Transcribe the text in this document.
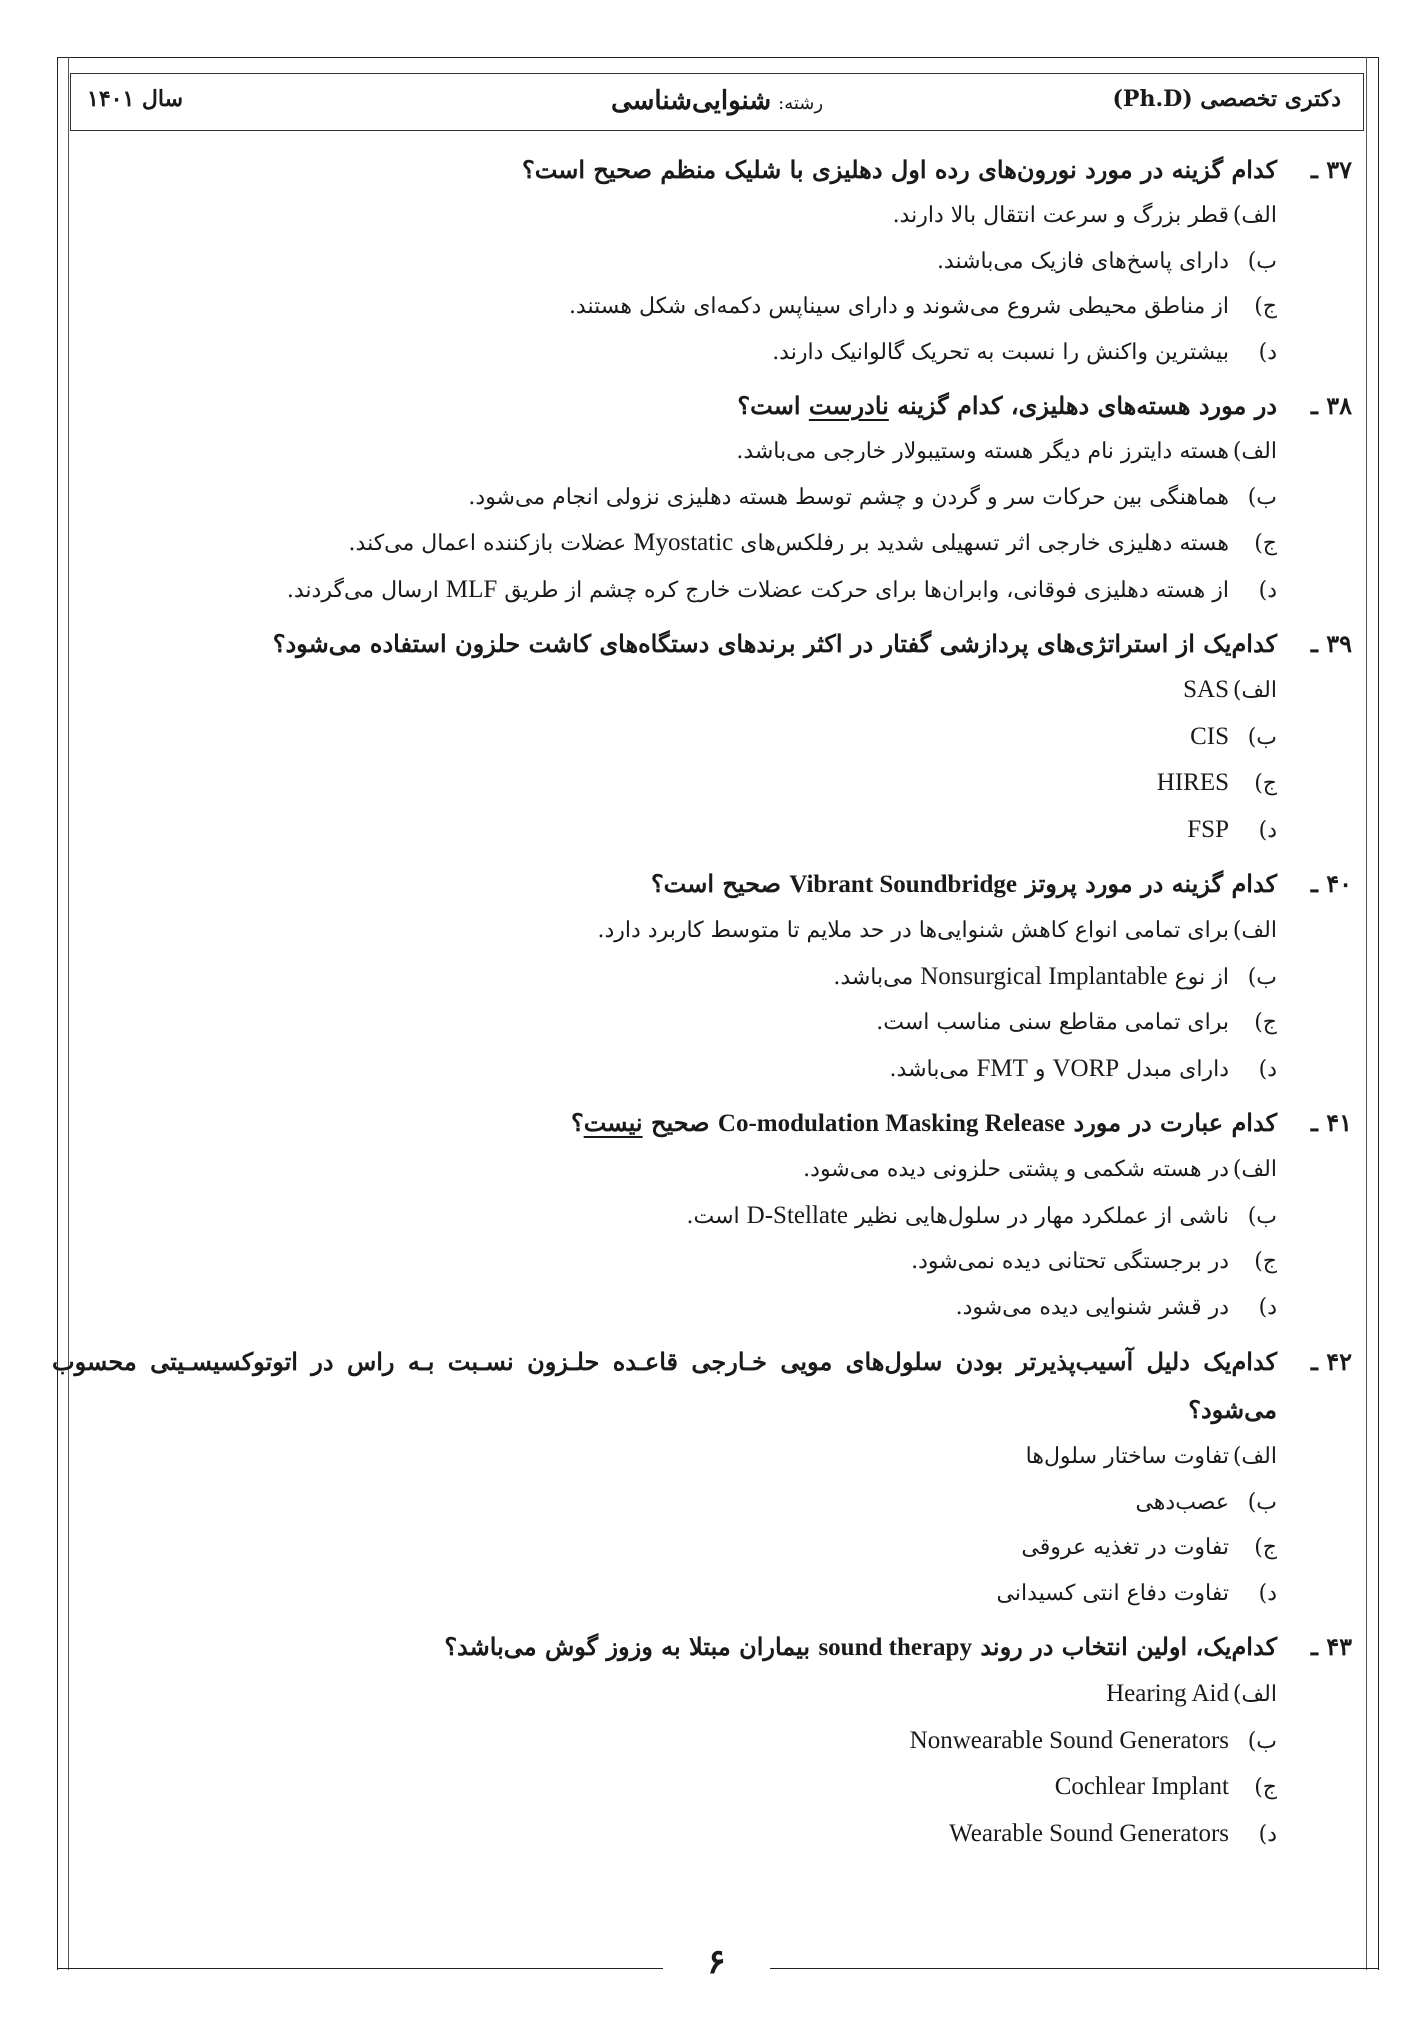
دکتری تخصصی (Ph.D)
رشته: شنوایی‌شناسی
سال ۱۴۰۱
۳۷ ـکدام گزینه در مورد نورون‌های رده اول دهلیزی با شلیک منظم صحیح است؟
الف)قطر بزرگ و سرعت انتقال بالا دارند.
ب)دارای پاسخ‌های فازیک می‌باشند.
ج)از مناطق محیطی شروع می‌شوند و دارای سیناپس دکمه‌ای شکل هستند.
د)بیشترین واکنش را نسبت به تحریک گالوانیک دارند.
۳۸ ـدر مورد هسته‌های دهلیزی، کدام گزینه نادرست است؟
الف)هسته دایترز نام دیگر هسته وستیبولار خارجی می‌باشد.
ب)هماهنگی بین حرکات سر و گردن و چشم توسط هسته دهلیزی نزولی انجام می‌شود.
ج)هسته دهلیزی خارجی اثر تسهیلی شدید بر رفلکس‌های Myostatic عضلات بازکننده اعمال می‌کند.
د)از هسته دهلیزی فوقانی، وابران‌ها برای حرکت عضلات خارج کره چشم از طریق MLF ارسال می‌گردند.
۳۹ ـکدام‌یک از استراتژی‌های پردازشی گفتار در اکثر برندهای دستگاه‌های کاشت حلزون استفاده می‌شود؟
الف)SAS
ب)CIS
ج)HIRES
د)FSP
۴۰ ـکدام گزینه در مورد پروتز Vibrant Soundbridge صحیح است؟
الف)برای تمامی انواع کاهش شنوایی‌ها در حد ملایم تا متوسط کاربرد دارد.
ب)از نوع Nonsurgical Implantable می‌باشد.
ج)برای تمامی مقاطع سنی مناسب است.
د)دارای مبدل VORP و FMT می‌باشد.
۴۱ ـکدام عبارت در مورد Co-modulation Masking Release صحیح نیست؟
الف)در هسته شکمی و پشتی حلزونی دیده می‌شود.
ب)ناشی از عملکرد مهار در سلول‌هایی نظیر D-Stellate است.
ج)در برجستگی تحتانی دیده نمی‌شود.
د)در قشر شنوایی دیده می‌شود.
۴۲ ـ
کدام‌یک دلیل آسیب‌پذیرتر بودن سلول‌های مویی خـارجی قاعـده حلـزون نسـبت بـه راس در اتوتوکسیسـیتی محسوب می‌شود؟
الف)تفاوت ساختار سلول‌ها
ب)عصب‌دهی
ج)تفاوت در تغذیه عروقی
د)تفاوت دفاع انتی کسیدانی
۴۳ ـکدام‌یک، اولین انتخاب در روند sound therapy بیماران مبتلا به وزوز گوش می‌باشد؟
الف)Hearing Aid
ب)Nonwearable Sound Generators
ج)Cochlear Implant
د)Wearable Sound Generators
۶
